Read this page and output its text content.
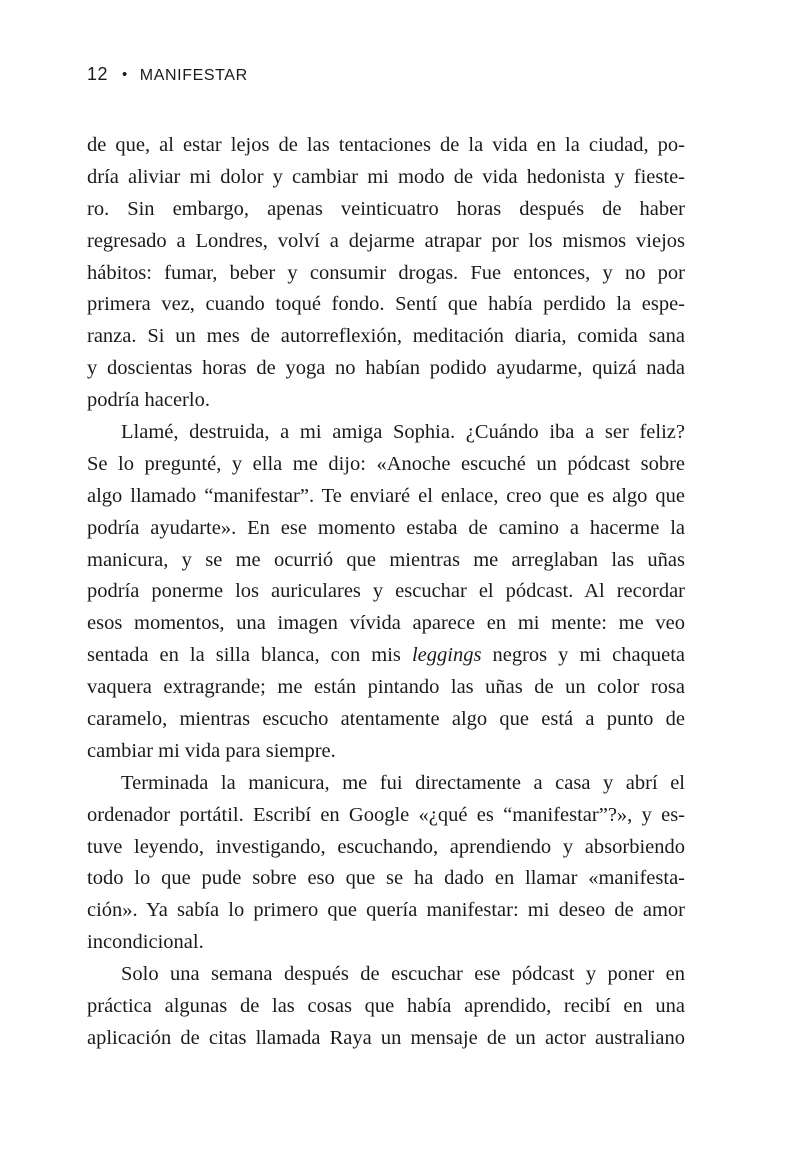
12 • MANIFESTAR
de que, al estar lejos de las tentaciones de la vida en la ciudad, po-
dría aliviar mi dolor y cambiar mi modo de vida hedonista y fieste-
ro. Sin embargo, apenas veinticuatro horas después de haber
regresado a Londres, volví a dejarme atrapar por los mismos viejos
hábitos: fumar, beber y consumir drogas. Fue entonces, y no por
primera vez, cuando toqué fondo. Sentí que había perdido la espe-
ranza. Si un mes de autorreflexión, meditación diaria, comida sana
y doscientas horas de yoga no habían podido ayudarme, quizá nada
podría hacerlo.
Llamé, destruida, a mi amiga Sophia. ¿Cuándo iba a ser feliz?
Se lo pregunté, y ella me dijo: «Anoche escuché un pódcast sobre
algo llamado “manifestar”. Te enviaré el enlace, creo que es algo que
podría ayudarte». En ese momento estaba de camino a hacerme la
manicura, y se me ocurrió que mientras me arreglaban las uñas
podría ponerme los auriculares y escuchar el pódcast. Al recordar
esos momentos, una imagen vívida aparece en mi mente: me veo
sentada en la silla blanca, con mis leggings negros y mi chaqueta
vaquera extragrande; me están pintando las uñas de un color rosa
caramelo, mientras escucho atentamente algo que está a punto de
cambiar mi vida para siempre.
Terminada la manicura, me fui directamente a casa y abrí el
ordenador portátil. Escribí en Google «¿qué es “manifestar”?», y es-
tuve leyendo, investigando, escuchando, aprendiendo y absorbiendo
todo lo que pude sobre eso que se ha dado en llamar «manifesta-
ción». Ya sabía lo primero que quería manifestar: mi deseo de amor
incondicional.
Solo una semana después de escuchar ese pódcast y poner en
práctica algunas de las cosas que había aprendido, recibí en una
aplicación de citas llamada Raya un mensaje de un actor australiano
